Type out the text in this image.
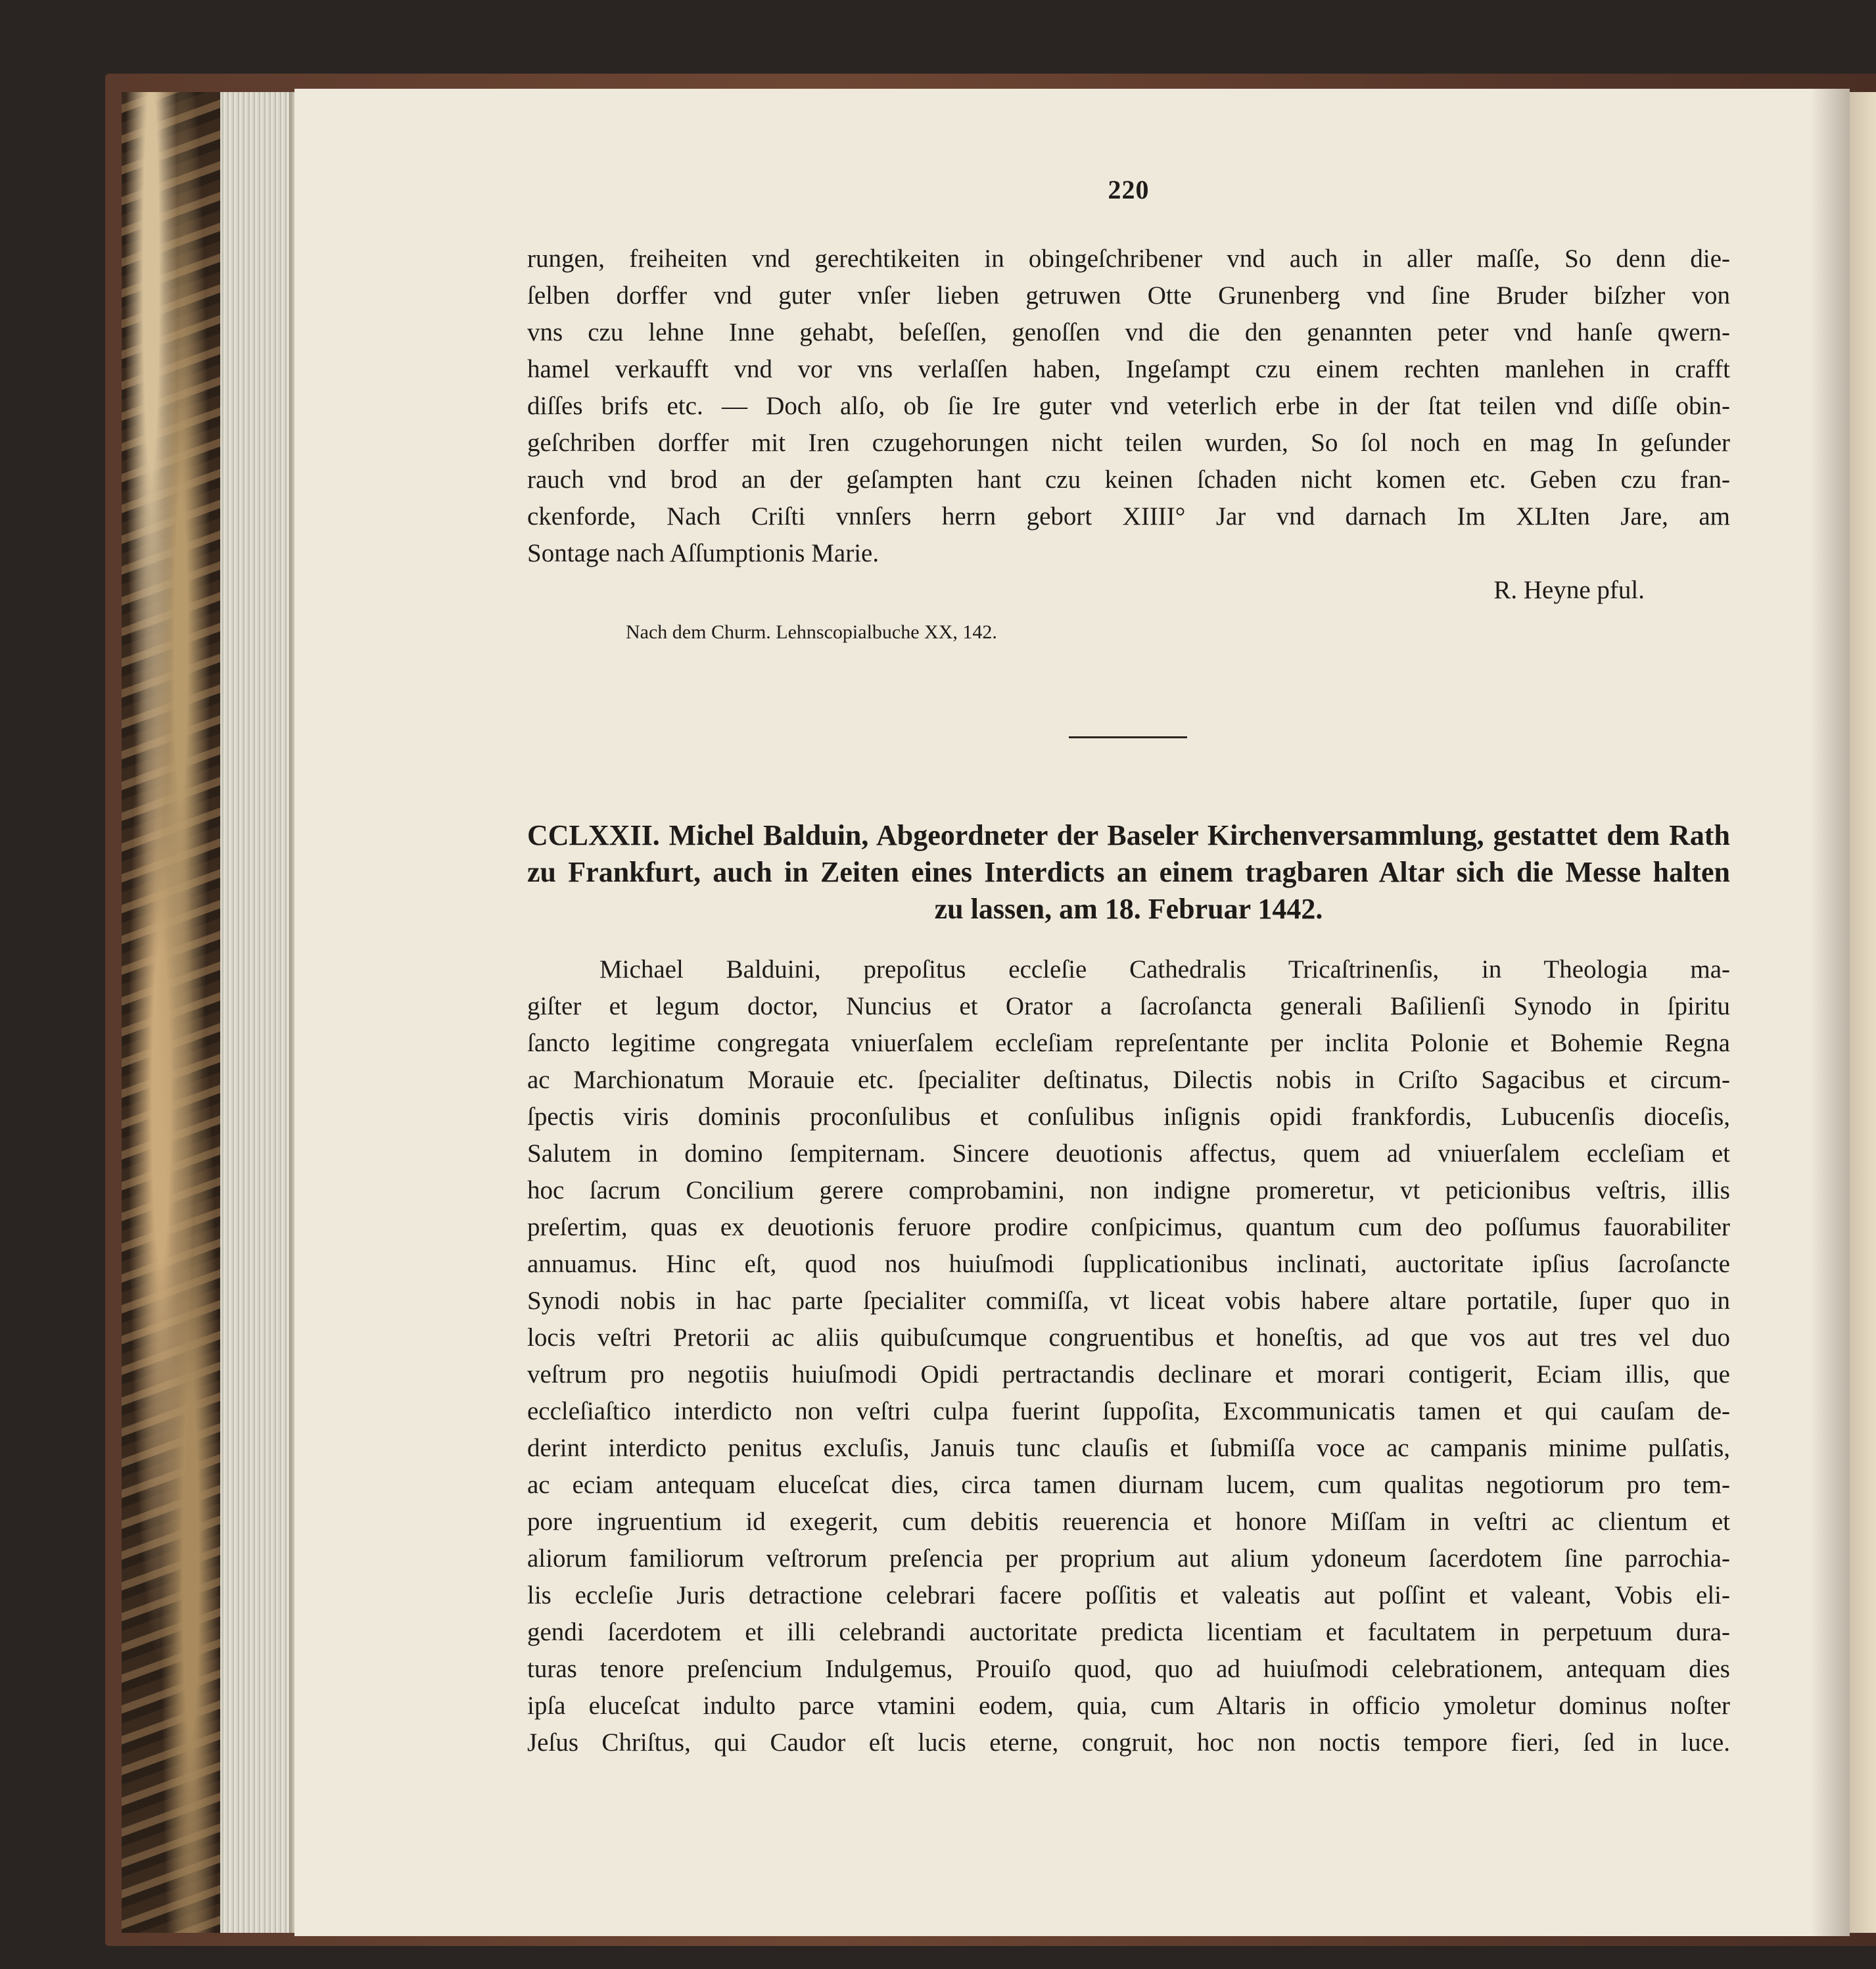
220

rungen, freiheiten vnd gerechtikeiten in obingeſchribener vnd auch in aller maſſe, So denn die-

ſelben dorffer vnd guter vnſer lieben getruwen Otte Grunenberg vnd ſine Bruder biſzher von

vns czu lehne Inne gehabt, beſeſſen, genoſſen vnd die den genannten peter vnd hanſe qwern-

hamel verkaufft vnd vor vns verlaſſen haben, Ingeſampt czu einem rechten manlehen in crafft

diſſes brifs etc. — Doch alſo, ob ſie Ire guter vnd veterlich erbe in der ſtat teilen vnd diſſe obin-

geſchriben dorffer mit Iren czugehorungen nicht teilen wurden, So ſol noch en mag In geſunder

rauch vnd brod an der geſampten hant czu keinen ſchaden nicht komen etc. Geben czu fran-

ckenforde, Nach Criſti vnnſers herrn gebort XIIII° Jar vnd darnach Im XLIten Jare, am

Sontage nach Aſſumptionis Marie.

R. Heyne pful.
Nach dem Churm. Lehnscopialbuche XX, 142.

CCLXXII. Michel Balduin, Abgeordneter der Baseler Kirchenversammlung, gestattet dem Rath

zu Frankfurt, auch in Zeiten eines Interdicts an einem tragbaren Altar sich die Messe halten

zu lassen, am 18. Februar 1442.

Michael Balduini, prepoſitus eccleſie Cathedralis Tricaſtrinenſis, in Theologia ma-

giſter et legum doctor, Nuncius et Orator a ſacroſancta generali Baſilienſi Synodo in ſpiritu

ſancto legitime congregata vniuerſalem eccleſiam repreſentante per inclita Polonie et Bohemie Regna

ac Marchionatum Morauie etc. ſpecialiter deſtinatus, Dilectis nobis in Criſto Sagacibus et circum-

ſpectis viris dominis proconſulibus et conſulibus inſignis opidi frankfordis, Lubucenſis dioceſis,

Salutem in domino ſempiternam. Sincere deuotionis affectus, quem ad vniuerſalem eccleſiam et

hoc ſacrum Concilium gerere comprobamini, non indigne promeretur, vt peticionibus veſtris, illis

preſertim, quas ex deuotionis feruore prodire conſpicimus, quantum cum deo poſſumus fauorabiliter

annuamus. Hinc eſt, quod nos huiuſmodi ſupplicationibus inclinati, auctoritate ipſius ſacroſancte

Synodi nobis in hac parte ſpecialiter commiſſa, vt liceat vobis habere altare portatile, ſuper quo in

locis veſtri Pretorii ac aliis quibuſcumque congruentibus et honeſtis, ad que vos aut tres vel duo

veſtrum pro negotiis huiuſmodi Opidi pertractandis declinare et morari contigerit, Eciam illis, que

eccleſiaſtico interdicto non veſtri culpa fuerint ſuppoſita, Excommunicatis tamen et qui cauſam de-

derint interdicto penitus excluſis, Januis tunc clauſis et ſubmiſſa voce ac campanis minime pulſatis,

ac eciam antequam eluceſcat dies, circa tamen diurnam lucem, cum qualitas negotiorum pro tem-

pore ingruentium id exegerit, cum debitis reuerencia et honore Miſſam in veſtri ac clientum et

aliorum familiorum veſtrorum preſencia per proprium aut alium ydoneum ſacerdotem ſine parrochia-

lis eccleſie Juris detractione celebrari facere poſſitis et valeatis aut poſſint et valeant, Vobis eli-

gendi ſacerdotem et illi celebrandi auctoritate predicta licentiam et facultatem in perpetuum dura-

turas tenore preſencium Indulgemus, Prouiſo quod, quo ad huiuſmodi celebrationem, antequam dies

ipſa eluceſcat indulto parce vtamini eodem, quia, cum Altaris in officio ymoletur dominus noſter

Jeſus Chriſtus, qui Caudor eſt lucis eterne, congruit, hoc non noctis tempore fieri, ſed in luce.
